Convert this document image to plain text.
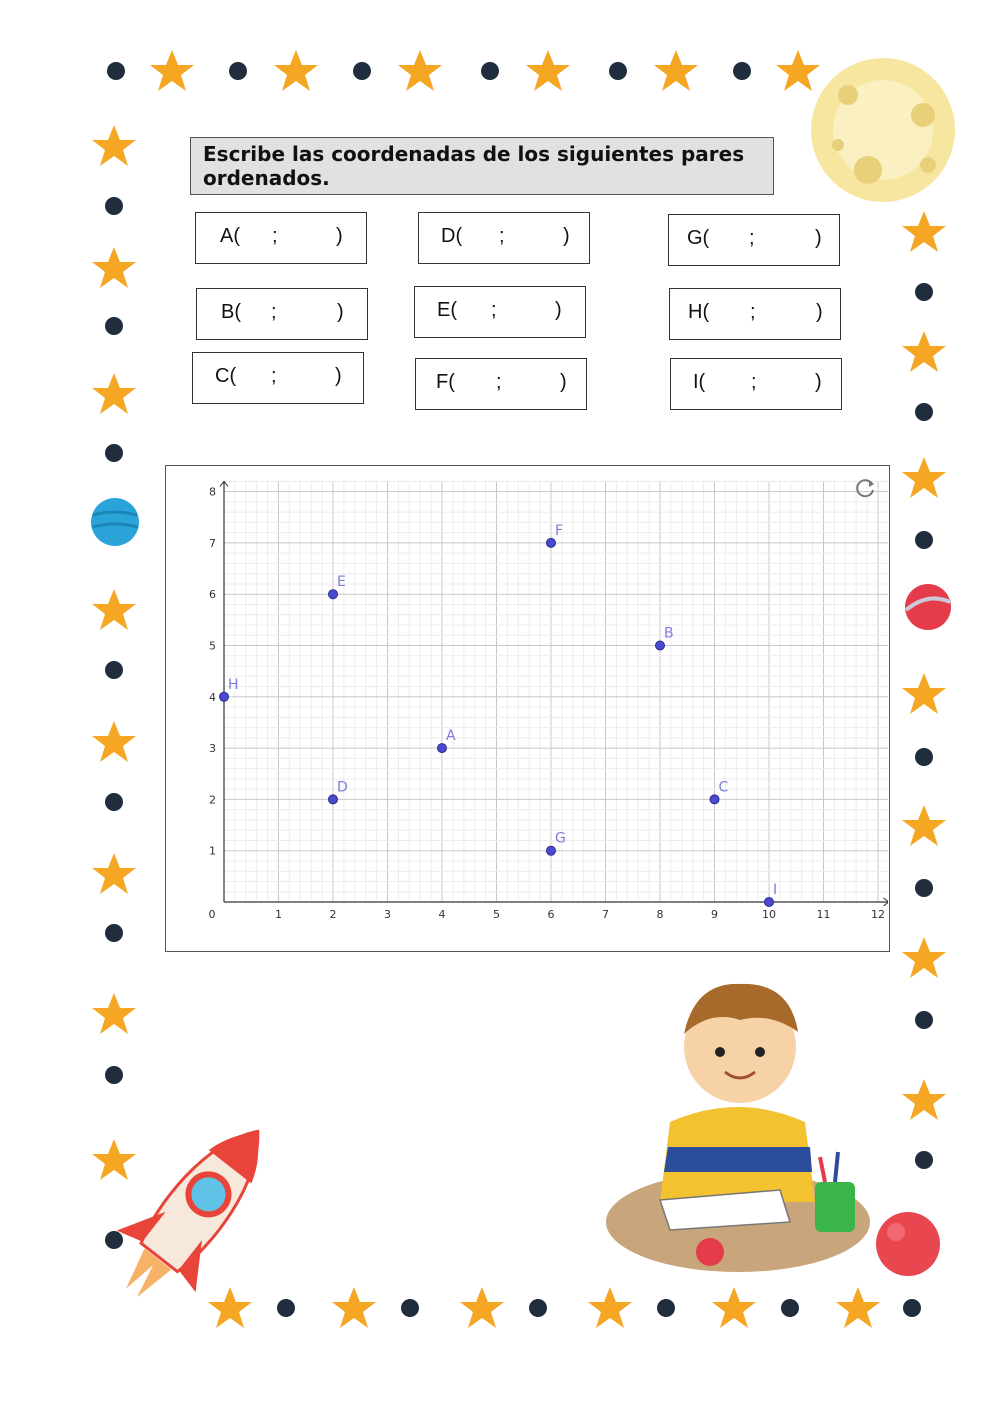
Escribe las coordenadas de los siguientes pares ordenados.
A( ;	)
B( ;	)
C( ;	)
D( ;	)
E( ;	)
F( ;	)
G( ;	)
H( ;	)
I( ;	)
0	1	2	3	4	5	6	7	8	9	10	11	12
1
2
3
4
5
6
7
8
A
B
C
D
E
F
G
H
I
